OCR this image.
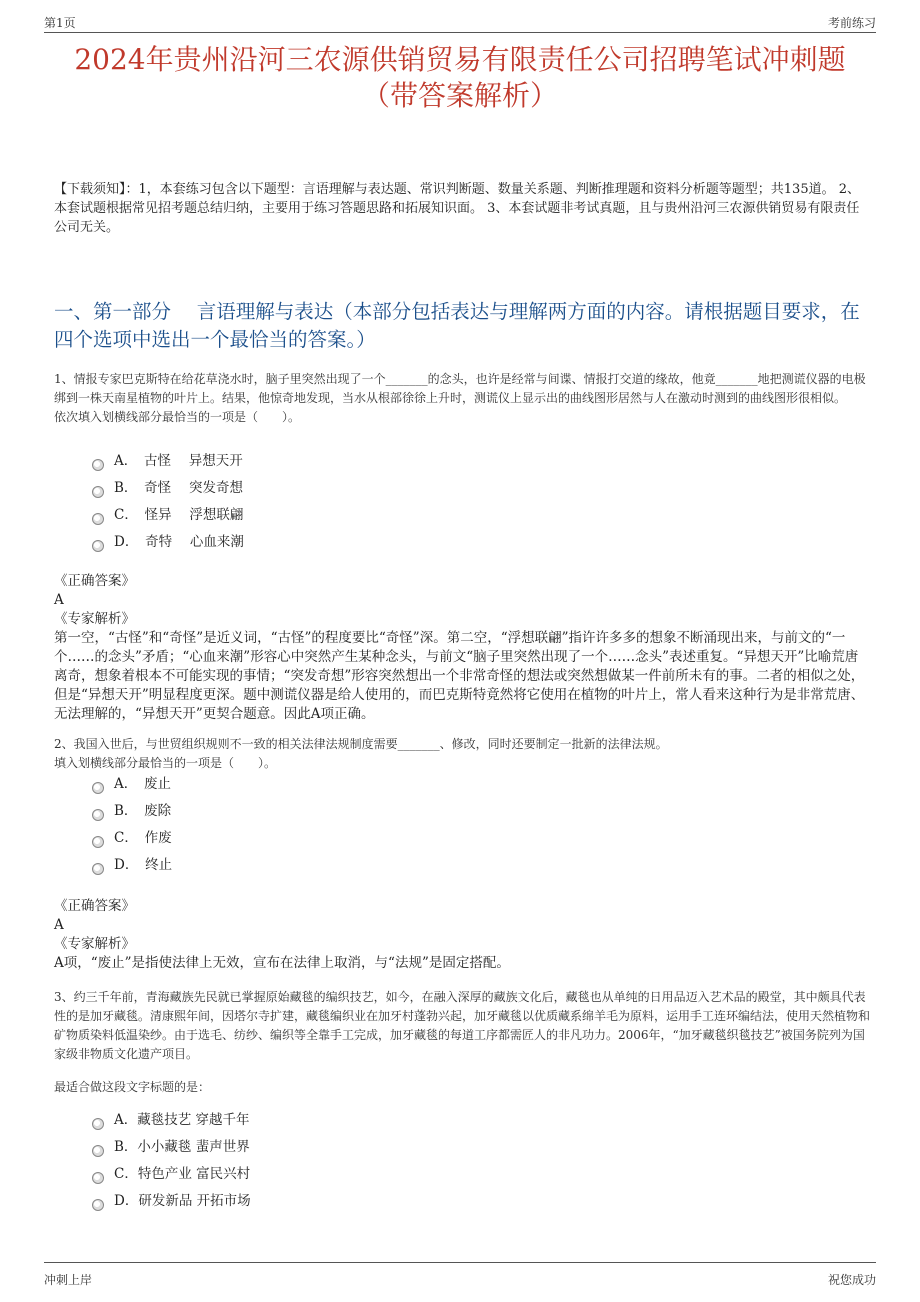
第1页	考前练习
2024年贵州沿河三农源供销贸易有限责任公司招聘笔试冲刺题
（带答案解析）
【下载须知】：1，本套练习包含以下题型：言语理解与表达题、常识判断题、数量关系题、判断推理题和资料分析题等题型；共135道。 2、本套试题根据常见招考题总结归纳，主要用于练习答题思路和拓展知识面。 3、本套试题非考试真题，且与贵州沿河三农源供销贸易有限责任公司无关。
一、第一部分　 言语理解与表达（本部分包括表达与理解两方面的内容。请根据题目要求，在四个选项中选出一个最恰当的答案。）
1、情报专家巴克斯特在给花草浇水时，脑子里突然出现了一个_______的念头，也许是经常与间谍、情报打交道的缘故，他竟_______地把测谎仪器的电极绑到一株天南星植物的叶片上。结果，他惊奇地发现，当水从根部徐徐上升时，测谎仪上显示出的曲线图形居然与人在激动时测到的曲线图形很相似。
依次填入划横线部分最恰当的一项是（　　）。
A．　古怪　 异想天开
B．　奇怪　 突发奇想
C．　怪异　 浮想联翩
D．　奇特　 心血来潮
《正确答案》
A
《专家解析》
第一空，“古怪”和“奇怪”是近义词，“古怪”的程度要比“奇怪”深。第二空，“浮想联翩”指许许多多的想象不断涌现出来，与前文的“一个……的念头”矛盾；“心血来潮”形容心中突然产生某种念头，与前文“脑子里突然出现了一个……念头”表述重复。“异想天开”比喻荒唐离奇，想象着根本不可能实现的事情；“突发奇想”形容突然想出一个非常奇怪的想法或突然想做某一件前所未有的事。二者的相似之处，但是“异想天开”明显程度更深。题中测谎仪器是给人使用的，而巴克斯特竟然将它使用在植物的叶片上，常人看来这种行为是非常荒唐、无法理解的，“异想天开”更契合题意。因此A项正确。
2、我国入世后，与世贸组织规则不一致的相关法律法规制度需要_______、修改，同时还要制定一批新的法律法规。
填入划横线部分最恰当的一项是（　　）。
A．　废止
B．　废除
C．　作废
D．　终止
《正确答案》
A
《专家解析》
A项，“废止”是指使法律上无效，宣布在法律上取消，与“法规”是固定搭配。
3、约三千年前，青海藏族先民就已掌握原始藏毯的编织技艺，如今，在融入深厚的藏族文化后，藏毯也从单纯的日用品迈入艺术品的殿堂，其中颇具代表性的是加牙藏毯。清康熙年间，因塔尔寺扩建，藏毯编织业在加牙村蓬勃兴起，加牙藏毯以优质藏系绵羊毛为原料，运用手工连环编结法，使用天然植物和矿物质染料低温染纱。由于选毛、纺纱、编织等全靠手工完成，加牙藏毯的每道工序都需匠人的非凡功力。2006年，“加牙藏毯织毯技艺”被国务院列为国家级非物质文化遗产项目。
最适合做这段文字标题的是：
A．藏毯技艺 穿越千年
B．小小藏毯 蜚声世界
C．特色产业 富民兴村
D．研发新品 开拓市场
冲刺上岸	祝您成功
